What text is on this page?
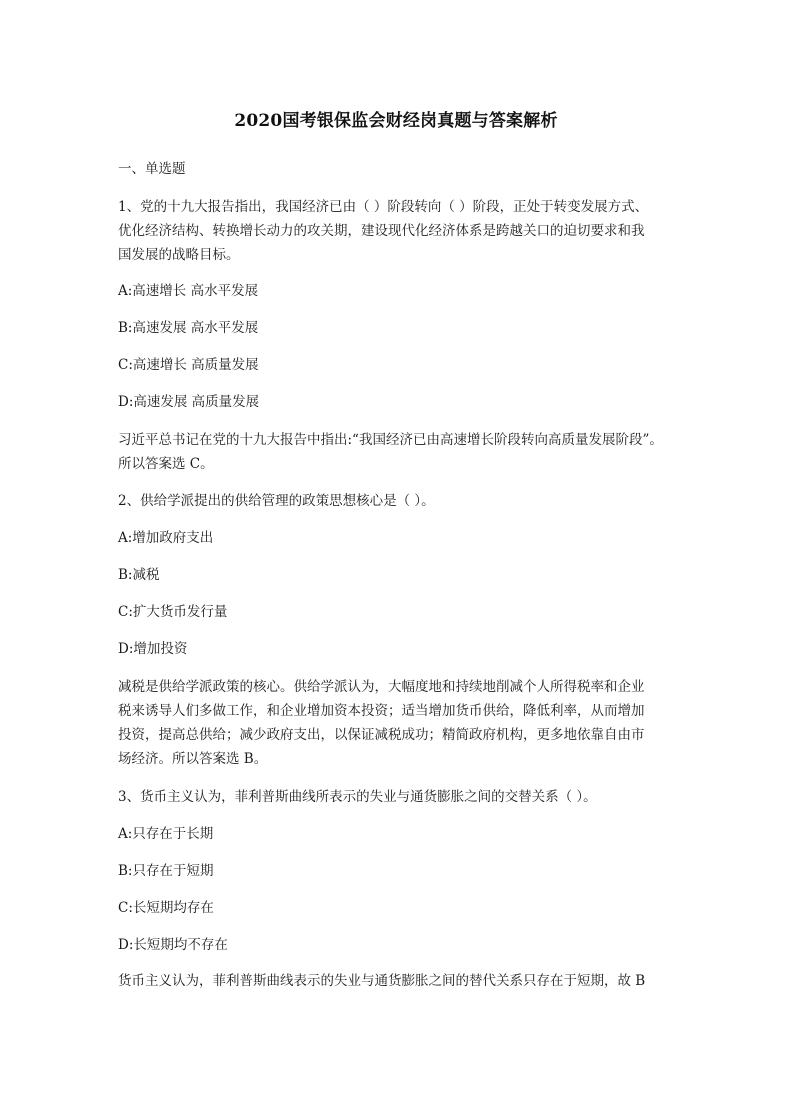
2020国考银保监会财经岗真题与答案解析
一、单选题
1、党的十九大报告指出，我国经济已由（ ）阶段转向（ ）阶段，正处于转变发展方式、
优化经济结构、转换增长动力的攻关期，建设现代化经济体系是跨越关口的迫切要求和我
国发展的战略目标。
A:高速增长 高水平发展
B:高速发展 高水平发展
C:高速增长 高质量发展
D:高速发展 高质量发展
习近平总书记在党的十九大报告中指出:“我国经济已由高速增长阶段转向高质量发展阶段”。
所以答案选 C。
2、供给学派提出的供给管理的政策思想核心是（ ）。
A:增加政府支出
B:减税
C:扩大货币发行量
D:增加投资
减税是供给学派政策的核心。供给学派认为，大幅度地和持续地削减个人所得税率和企业
税来诱导人们多做工作，和企业增加资本投资；适当增加货币供给，降低利率，从而增加
投资，提高总供给；减少政府支出，以保证减税成功；精简政府机构，更多地依靠自由市
场经济。所以答案选 B。
3、货币主义认为，菲利普斯曲线所表示的失业与通货膨胀之间的交替关系（ ）。
A:只存在于长期
B:只存在于短期
C:长短期均存在
D:长短期均不存在
货币主义认为，菲利普斯曲线表示的失业与通货膨胀之间的替代关系只存在于短期，故 B
